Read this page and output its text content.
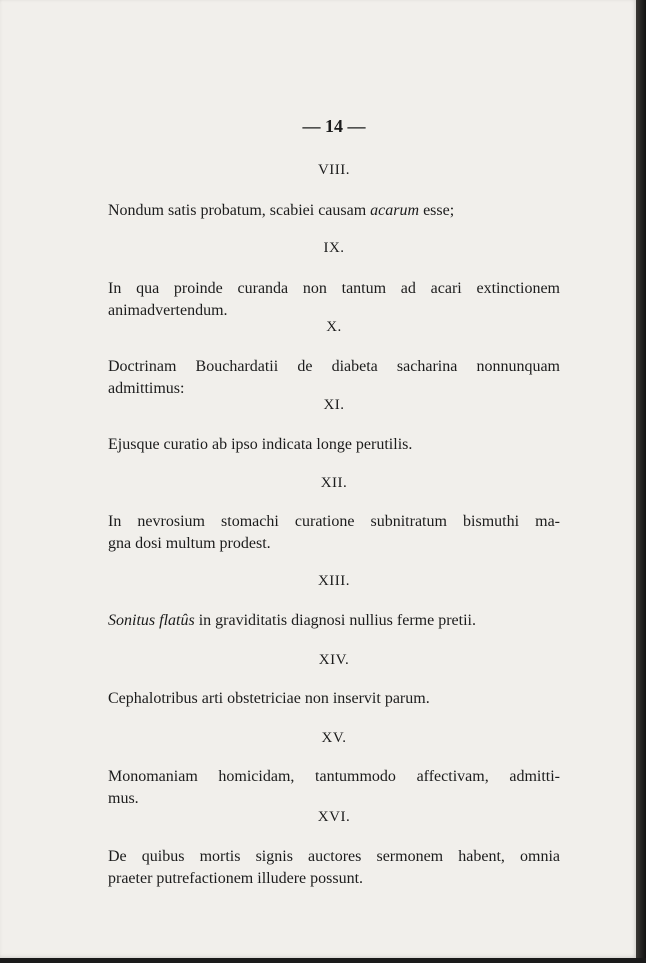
— 14 —
VIII.
Nondum satis probatum, scabiei causam acarum esse;
IX.
In qua proinde curanda non tantum ad acari extinctionem
animadvertendum.
X.
Doctrinam Bouchardatii de diabeta sacharina nonnunquam
admittimus:
XI.
Ejusque curatio ab ipso indicata longe perutilis.
XII.
In nevrosium stomachi curatione subnitratum bismuthi ma-
gna dosi multum prodest.
XIII.
Sonitus flatûs in graviditatis diagnosi nullius ferme pretii.
XIV.
Cephalotribus arti obstetriciae non inservit parum.
XV.
Monomaniam homicidam, tantummodo affectivam, admitti-
mus.
XVI.
De quibus mortis signis auctores sermonem habent, omnia
praeter putrefactionem illudere possunt.
